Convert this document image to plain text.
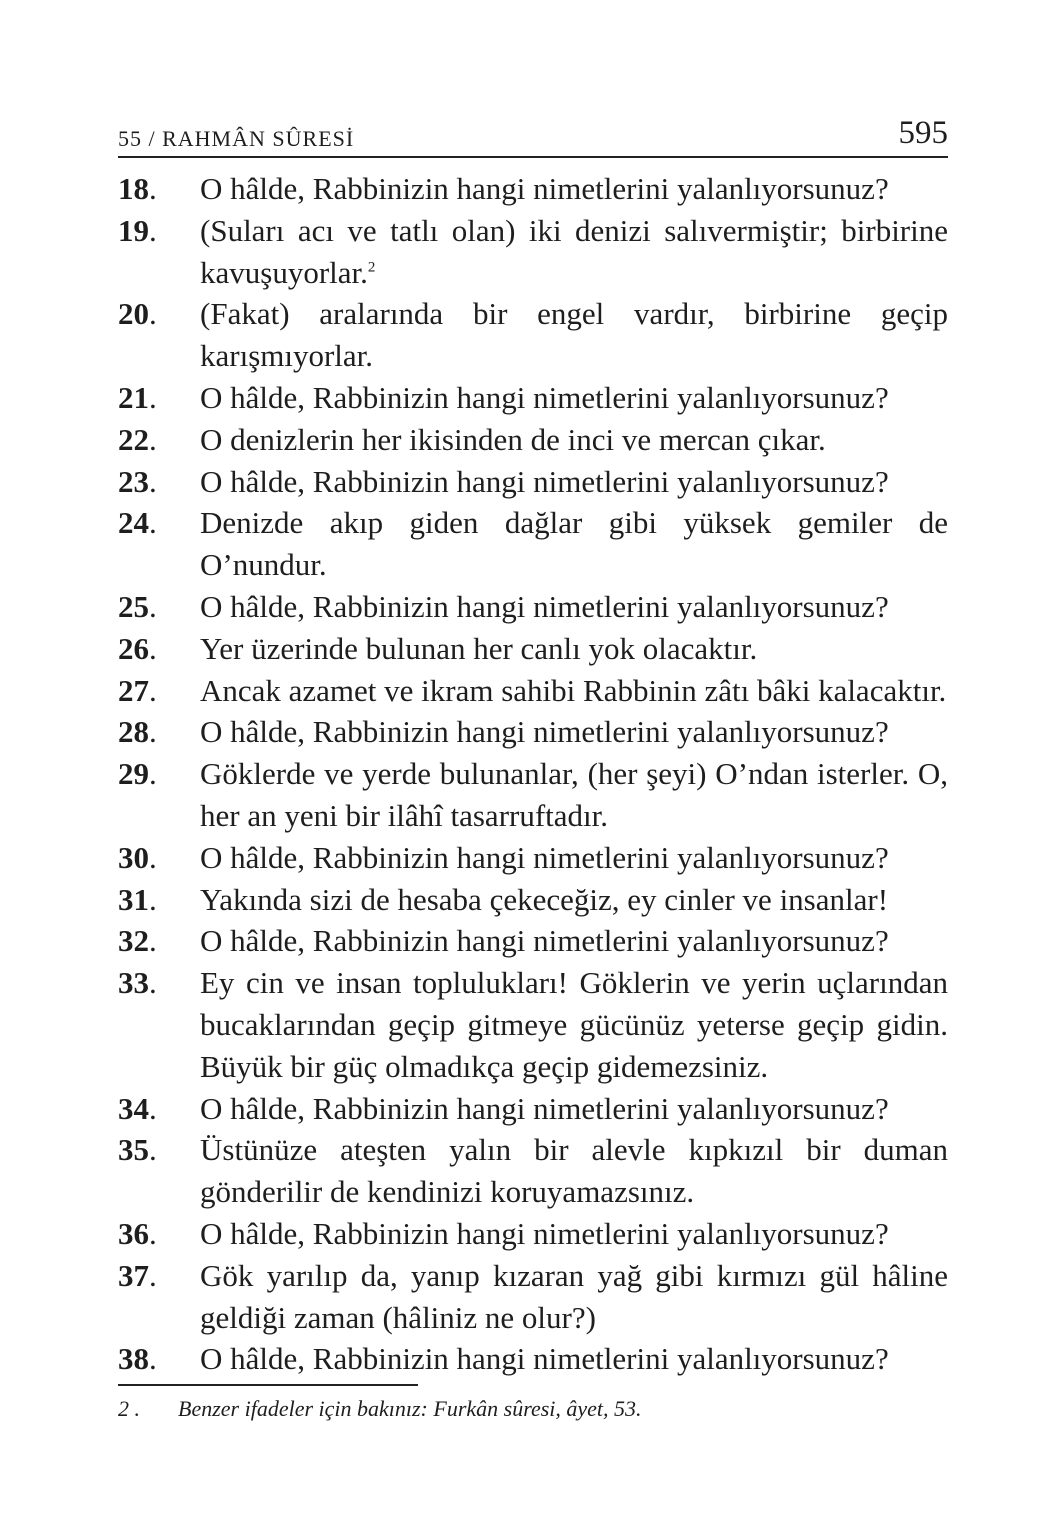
55 / RAHMÂN SÛRESİ	595
18.	O hâlde, Rabbinizin hangi nimetlerini yalanlıyorsunuz?
19.	(Suları acı ve tatlı olan) iki denizi salıvermiştir; birbirine kavuşuyorlar.$^2$
20.	(Fakat) aralarında bir engel vardır, birbirine geçip karışmıyorlar.
21.	O hâlde, Rabbinizin hangi nimetlerini yalanlıyorsunuz?
22.	O denizlerin her ikisinden de inci ve mercan çıkar.
23.	O hâlde, Rabbinizin hangi nimetlerini yalanlıyorsunuz?
24.	Denizde akıp giden dağlar gibi yüksek gemiler de O’nundur.
25.	O hâlde, Rabbinizin hangi nimetlerini yalanlıyorsunuz?
26.	Yer üzerinde bulunan her canlı yok olacaktır.
27.	Ancak azamet ve ikram sahibi Rabbinin zâtı bâki kalacaktır.
28.	O hâlde, Rabbinizin hangi nimetlerini yalanlıyorsunuz?
29.	Göklerde ve yerde bulunanlar, (her şeyi) O’ndan isterler. O, her an yeni bir ilâhî tasarruftadır.
30.	O hâlde, Rabbinizin hangi nimetlerini yalanlıyorsunuz?
31.	Yakında sizi de hesaba çekeceğiz, ey cinler ve insanlar!
32.	O hâlde, Rabbinizin hangi nimetlerini yalanlıyorsunuz?
33.	Ey cin ve insan toplulukları! Göklerin ve yerin uçlarından bucaklarından geçip gitmeye gücünüz yeterse geçip gidin. Büyük bir güç olmadıkça geçip gidemezsiniz.
34.	O hâlde, Rabbinizin hangi nimetlerini yalanlıyorsunuz?
35.	Üstünüze ateşten yalın bir alevle kıpkızıl bir duman gönderilir de kendinizi koruyamazsınız.
36.	O hâlde, Rabbinizin hangi nimetlerini yalanlıyorsunuz?
37.	Gök yarılıp da, yanıp kızaran yağ gibi kırmızı gül hâline geldiği zaman (hâliniz ne olur?)
38.	O hâlde, Rabbinizin hangi nimetlerini yalanlıyorsunuz?
2 .	Benzer ifadeler için bakınız: Furkân sûresi, âyet, 53.
